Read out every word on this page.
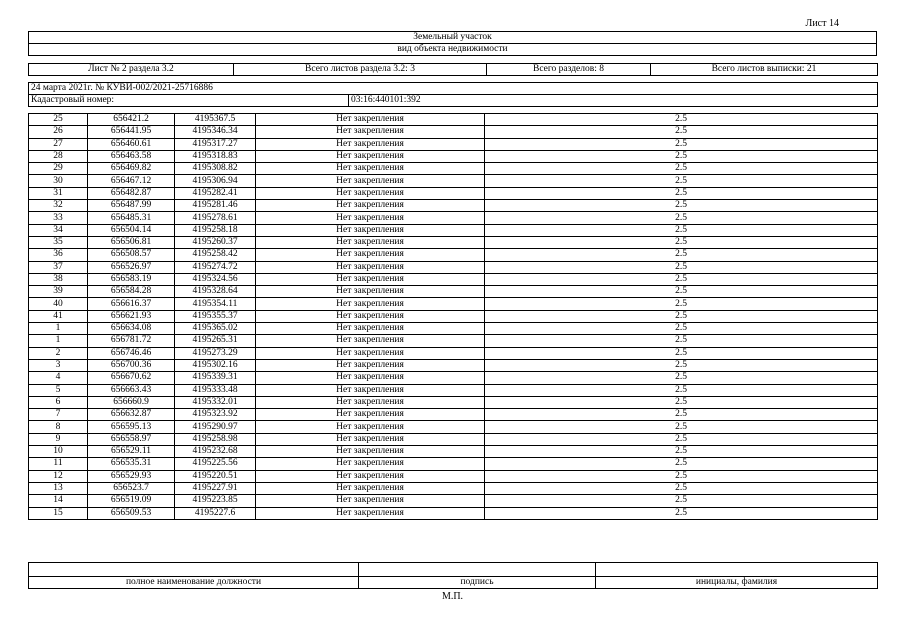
Лист 14
Земельный участок
вид объекта недвижимости
Лист № 2 раздела 3.2	Всего листов раздела 3.2: 3	Всего разделов: 8	Всего листов выписки: 21
24 марта 2021г. № КУВИ-002/2021-25716886
Кадастровый номер:	03:16:440101:392
25	656421.2	4195367.5	Нет закрепления	2.5
26	656441.95	4195346.34	Нет закрепления	2.5
27	656460.61	4195317.27	Нет закрепления	2.5
28	656463.58	4195318.83	Нет закрепления	2.5
29	656469.82	4195308.82	Нет закрепления	2.5
30	656467.12	4195306.94	Нет закрепления	2.5
31	656482.87	4195282.41	Нет закрепления	2.5
32	656487.99	4195281.46	Нет закрепления	2.5
33	656485.31	4195278.61	Нет закрепления	2.5
34	656504.14	4195258.18	Нет закрепления	2.5
35	656506.81	4195260.37	Нет закрепления	2.5
36	656508.57	4195258.42	Нет закрепления	2.5
37	656526.97	4195274.72	Нет закрепления	2.5
38	656583.19	4195324.56	Нет закрепления	2.5
39	656584.28	4195328.64	Нет закрепления	2.5
40	656616.37	4195354.11	Нет закрепления	2.5
41	656621.93	4195355.37	Нет закрепления	2.5
1	656634.08	4195365.02	Нет закрепления	2.5
1	656781.72	4195265.31	Нет закрепления	2.5
2	656746.46	4195273.29	Нет закрепления	2.5
3	656700.36	4195302.16	Нет закрепления	2.5
4	656670.62	4195339.31	Нет закрепления	2.5
5	656663.43	4195333.48	Нет закрепления	2.5
6	656660.9	4195332.01	Нет закрепления	2.5
7	656632.87	4195323.92	Нет закрепления	2.5
8	656595.13	4195290.97	Нет закрепления	2.5
9	656558.97	4195258.98	Нет закрепления	2.5
10	656529.11	4195232.68	Нет закрепления	2.5
11	656535.31	4195225.56	Нет закрепления	2.5
12	656529.93	4195220.51	Нет закрепления	2.5
13	656523.7	4195227.91	Нет закрепления	2.5
14	656519.09	4195223.85	Нет закрепления	2.5
15	656509.53	4195227.6	Нет закрепления	2.5

полное наименование должности	подпись	инициалы, фамилия
М.П.
